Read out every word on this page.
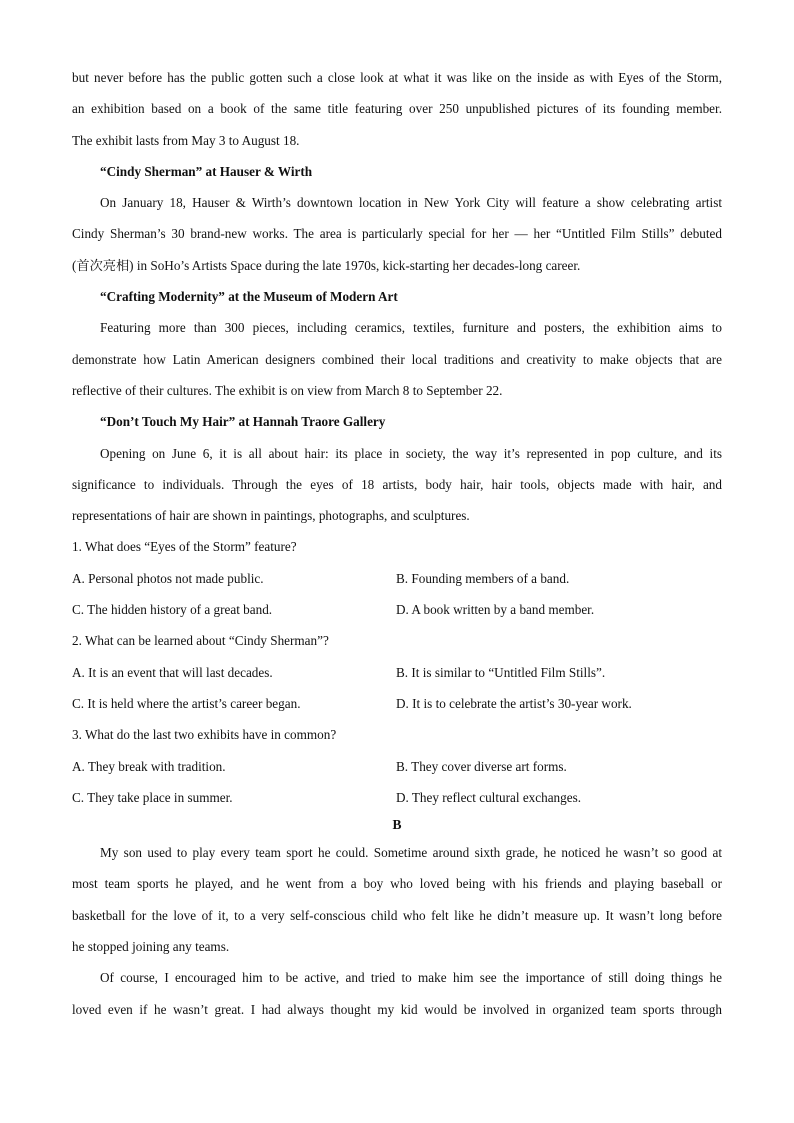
but never before has the public gotten such a close look at what it was like on the inside as with Eyes of the Storm,
an exhibition based on a book of the same title featuring over 250 unpublished pictures of its founding member.
The exhibit lasts from May 3 to August 18.
“Cindy Sherman” at Hauser & Wirth
On January 18, Hauser & Wirth’s downtown location in New York City will feature a show celebrating artist
Cindy Sherman’s 30 brand-new works. The area is particularly special for her — her “Untitled Film Stills” debuted
(首次亮相) in SoHo’s Artists Space during the late 1970s, kick-starting her decades-long career.
“Crafting Modernity” at the Museum of Modern Art
Featuring more than 300 pieces, including ceramics, textiles, furniture and posters, the exhibition aims to
demonstrate how Latin American designers combined their local traditions and creativity to make objects that are
reflective of their cultures. The exhibit is on view from March 8 to September 22.
“Don’t Touch My Hair” at Hannah Traore Gallery
Opening on June 6, it is all about hair: its place in society, the way it’s represented in pop culture, and its
significance to individuals. Through the eyes of 18 artists, body hair, hair tools, objects made with hair, and
representations of hair are shown in paintings, photographs, and sculptures.
1. What does “Eyes of the Storm” feature?
A. Personal photos not made public.	B. Founding members of a band.
C. The hidden history of a great band.	D. A book written by a band member.
2. What can be learned about “Cindy Sherman”?
A. It is an event that will last decades.	B. It is similar to “Untitled Film Stills”.
C. It is held where the artist’s career began.	D. It is to celebrate the artist’s 30-year work.
3. What do the last two exhibits have in common?
A. They break with tradition.	B. They cover diverse art forms.
C. They take place in summer.	D. They reflect cultural exchanges.
B
My son used to play every team sport he could. Sometime around sixth grade, he noticed he wasn’t so good at
most team sports he played, and he went from a boy who loved being with his friends and playing baseball or
basketball for the love of it, to a very self-conscious child who felt like he didn’t measure up. It wasn’t long before
he stopped joining any teams.
Of course, I encouraged him to be active, and tried to make him see the importance of still doing things he
loved even if he wasn’t great. I had always thought my kid would be involved in organized team sports through
